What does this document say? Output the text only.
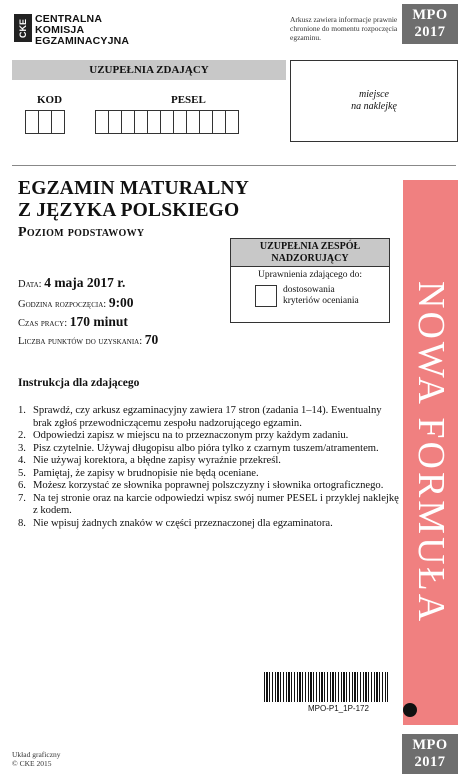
CKE CENTRALNA
KOMISJA
EGZAMINACYJNA
Arkusz zawiera informacje prawnie chronione do momentu rozpoczęcia egzaminu.
MPO
2017
UZUPEŁNIA ZDAJĄCY
KOD	PESEL	miejsce
na naklejkę
EGZAMIN MATURALNY
Z JĘZYKA POLSKIEGO
Poziom podstawowy
Data: 4 maja 2017 r.
Godzina rozpoczęcia: 9:00
Czas pracy: 170 minut
Liczba punktów do uzyskania: 70
UZUPEŁNIA ZESPÓŁ NADZORUJĄCY
Uprawnienia zdającego do:
dostosowania
kryteriów oceniania NOWA FORMUŁA
Instrukcja dla zdającego
1. Sprawdź, czy arkusz egzaminacyjny zawiera 17 stron (zadania 1–14). Ewentualny brak zgłoś przewodniczącemu zespołu nadzorującego egzamin.
2. Odpowiedzi zapisz w miejscu na to przeznaczonym przy każdym zadaniu.
3. Pisz czytelnie. Używaj długopisu albo pióra tylko z czarnym tuszem/atramentem.
4. Nie używaj korektora, a błędne zapisy wyraźnie przekreśl.
5. Pamiętaj, że zapisy w brudnopisie nie będą oceniane.
6. Możesz korzystać ze słownika poprawnej polszczyzny i słownika ortograficznego.
7. Na tej stronie oraz na karcie odpowiedzi wpisz swój numer PESEL i przyklej naklejkę z kodem.
8. Nie wpisuj żadnych znaków w części przeznaczonej dla egzaminatora.
MPO-P1_1P-172
Układ graficzny
© CKE 2015
MPO
2017
